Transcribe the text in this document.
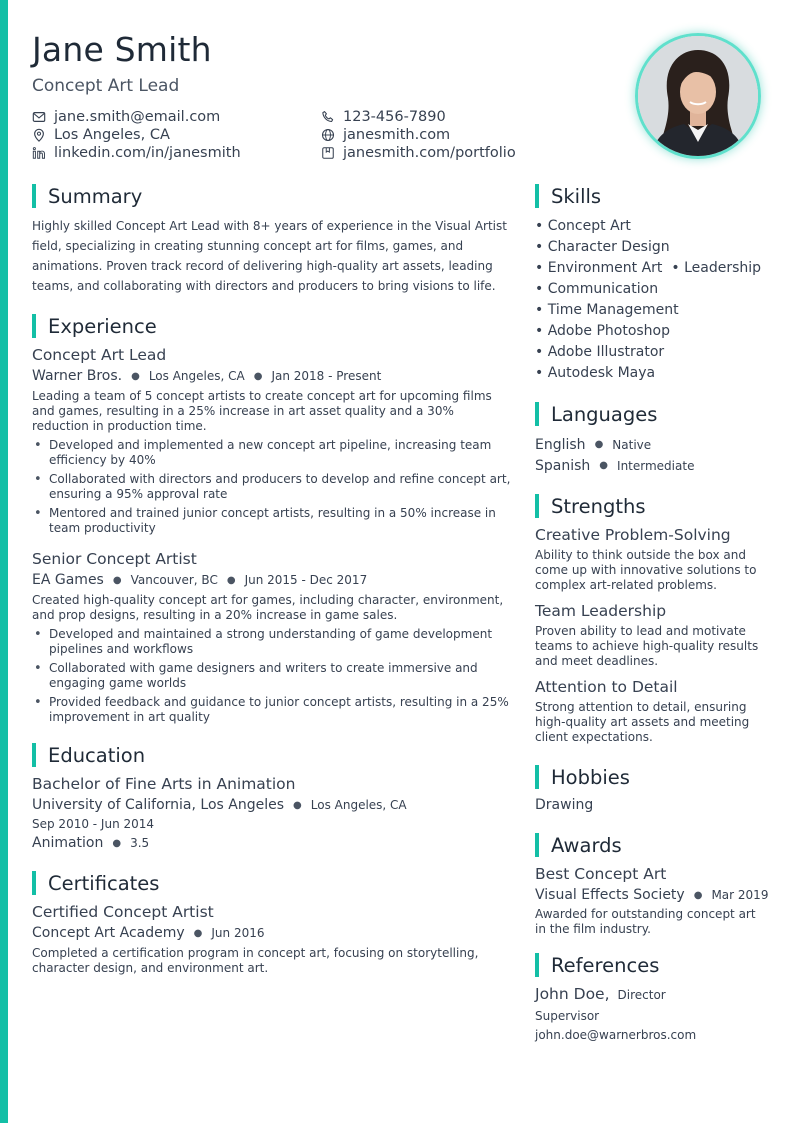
Jane Smith
Concept Art Lead
jane.smith@email.com	123-456-7890
Los Angeles, CA	janesmith.com
linkedin.com/in/janesmith	janesmith.com/portfolio
Summary

Highly skilled Concept Art Lead with 8+ years of experience in the Visual Artist field, specializing in creating stunning concept art for films, games, and animations. Proven track record of delivering high-quality art assets, leading teams, and collaborating with directors and producers to bring visions to life.

Experience
Concept Art Lead
Warner Bros. ● Los Angeles, CA ● Jan 2018 - Present
Leading a team of 5 concept artists to create concept art for upcoming films and games, resulting in a 25% increase in art asset quality and a 30% reduction in production time.
• Developed and implemented a new concept art pipeline, increasing team efficiency by 40%
• Collaborated with directors and producers to develop and refine concept art, ensuring a 95% approval rate
• Mentored and trained junior concept artists, resulting in a 50% increase in team productivity
Senior Concept Artist
EA Games ● Vancouver, BC ● Jun 2015 - Dec 2017
Created high-quality concept art for games, including character, environment, and prop designs, resulting in a 20% increase in game sales.
• Developed and maintained a strong understanding of game development pipelines and workflows
• Collaborated with game designers and writers to create immersive and engaging game worlds
• Provided feedback and guidance to junior concept artists, resulting in a 25% improvement in art quality
Education
Bachelor of Fine Arts in Animation
University of California, Los Angeles ● Los Angeles, CA
Sep 2010 - Jun 2014
Animation ● 3.5
Certificates
Certified Concept Artist
Concept Art Academy ● Jun 2016
Completed a certification program in concept art, focusing on storytelling, character design, and environment art.
Skills
• Concept Art
• Character Design
• Environment Art • Leadership
• Communication
• Time Management
• Adobe Photoshop
• Adobe Illustrator
• Autodesk Maya
Languages
English ● Native
Spanish ● Intermediate
Strengths
Creative Problem-Solving
Ability to think outside the box and come up with innovative solutions to complex art-related problems.
Team Leadership
Proven ability to lead and motivate teams to achieve high-quality results and meet deadlines.
Attention to Detail
Strong attention to detail, ensuring high-quality art assets and meeting client expectations.
Hobbies
Drawing
Awards
Best Concept Art
Visual Effects Society ● Mar 2019
Awarded for outstanding concept art in the film industry.
References
John Doe, Director
Supervisor
john.doe@warnerbros.com
